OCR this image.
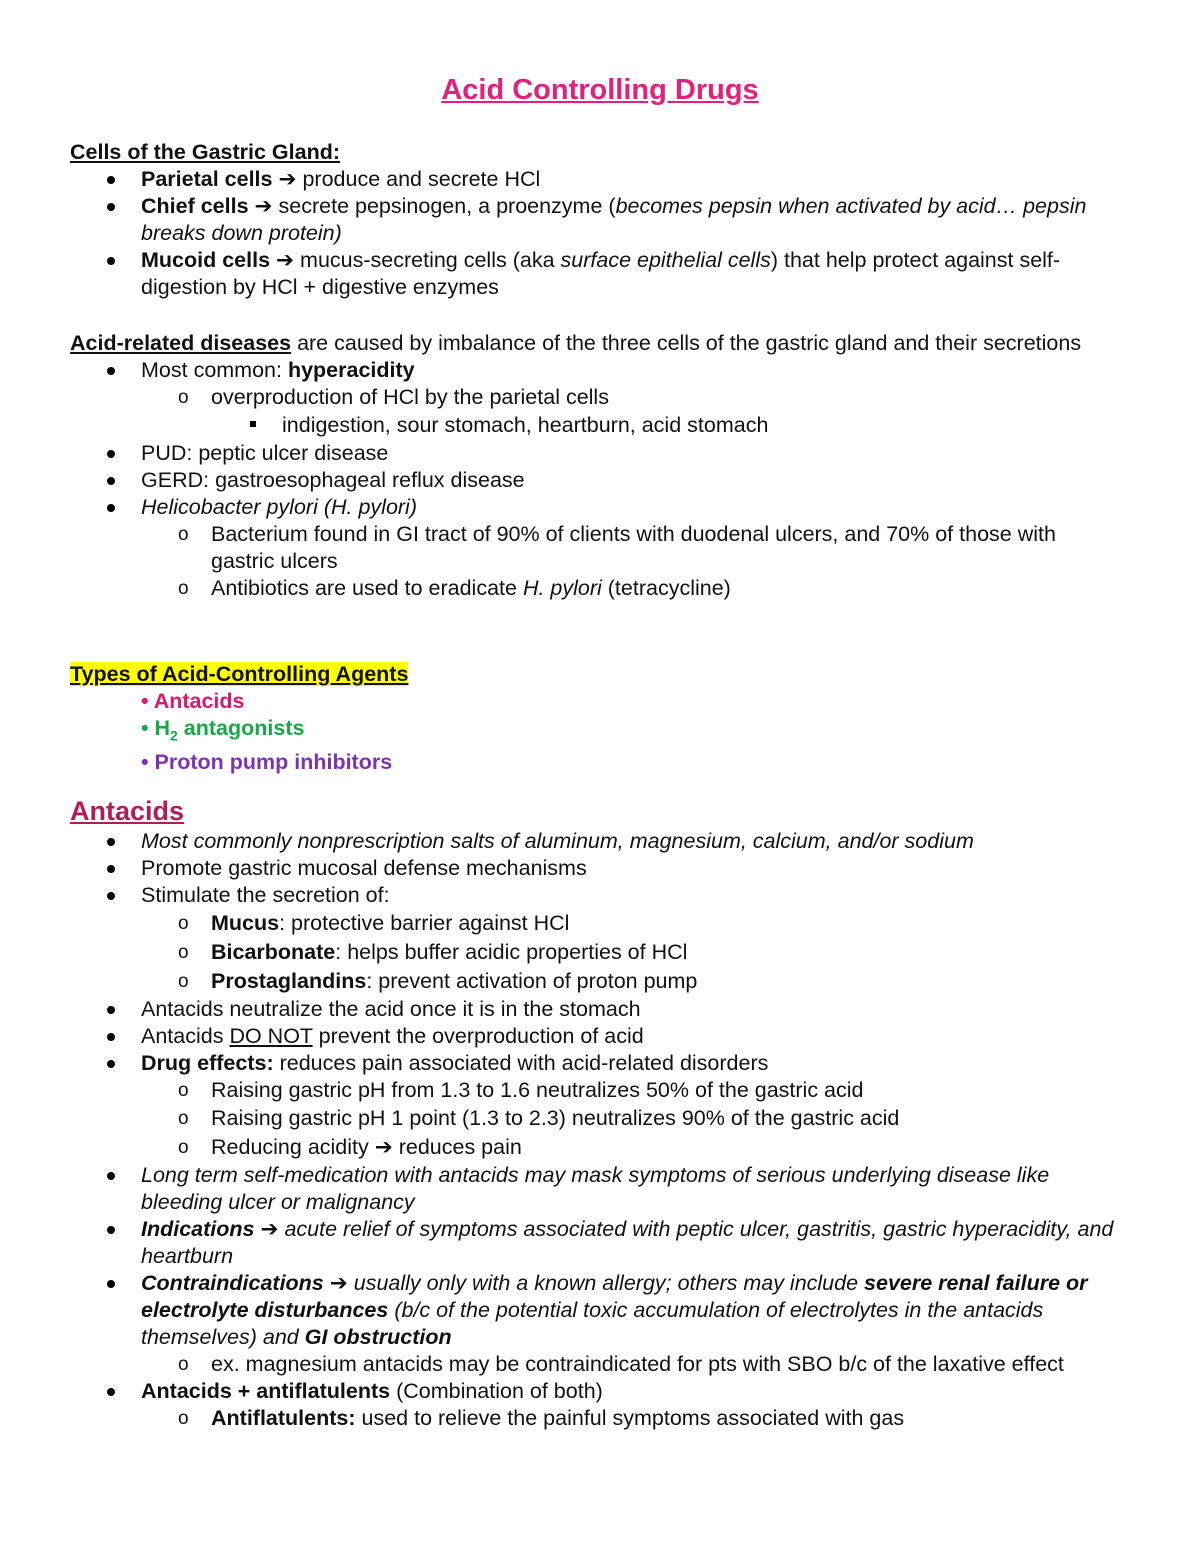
Acid Controlling Drugs
Cells of the Gastric Gland:
Parietal cells ➔ produce and secrete HCl
Chief cells ➔ secrete pepsinogen, a proenzyme (becomes pepsin when activated by acid… pepsin breaks down protein)
Mucoid cells ➔ mucus-secreting cells (aka surface epithelial cells) that help protect against self-digestion by HCl + digestive enzymes
Acid-related diseases are caused by imbalance of the three cells of the gastric gland and their secretions
Most common: hyperacidity
o overproduction of HCl by the parietal cells
indigestion, sour stomach, heartburn, acid stomach
PUD: peptic ulcer disease
GERD: gastroesophageal reflux disease
Helicobacter pylori (H. pylori)
o Bacterium found in GI tract of 90% of clients with duodenal ulcers, and 70% of those with gastric ulcers
o Antibiotics are used to eradicate H. pylori (tetracycline)
Types of Acid-Controlling Agents
• Antacids
• $H_2$ antagonists
• Proton pump inhibitors
Antacids
Most commonly nonprescription salts of aluminum, magnesium, calcium, and/or sodium
Promote gastric mucosal defense mechanisms
Stimulate the secretion of:
o Mucus: protective barrier against HCl
o Bicarbonate: helps buffer acidic properties of HCl
o Prostaglandins: prevent activation of proton pump
Antacids neutralize the acid once it is in the stomach
Antacids DO NOT prevent the overproduction of acid
Drug effects: reduces pain associated with acid-related disorders
o Raising gastric pH from 1.3 to 1.6 neutralizes 50% of the gastric acid
o Raising gastric pH 1 point (1.3 to 2.3) neutralizes 90% of the gastric acid
o Reducing acidity ➔ reduces pain
Long term self-medication with antacids may mask symptoms of serious underlying disease like bleeding ulcer or malignancy
Indications ➔ acute relief of symptoms associated with peptic ulcer, gastritis, gastric hyperacidity, and heartburn
Contraindications ➔ usually only with a known allergy; others may include severe renal failure or electrolyte disturbances (b/c of the potential toxic accumulation of electrolytes in the antacids themselves) and GI obstruction
o ex. magnesium antacids may be contraindicated for pts with SBO b/c of the laxative effect
Antacids + antiflatulents (Combination of both)
o Antiflatulents: used to relieve the painful symptoms associated with gas
